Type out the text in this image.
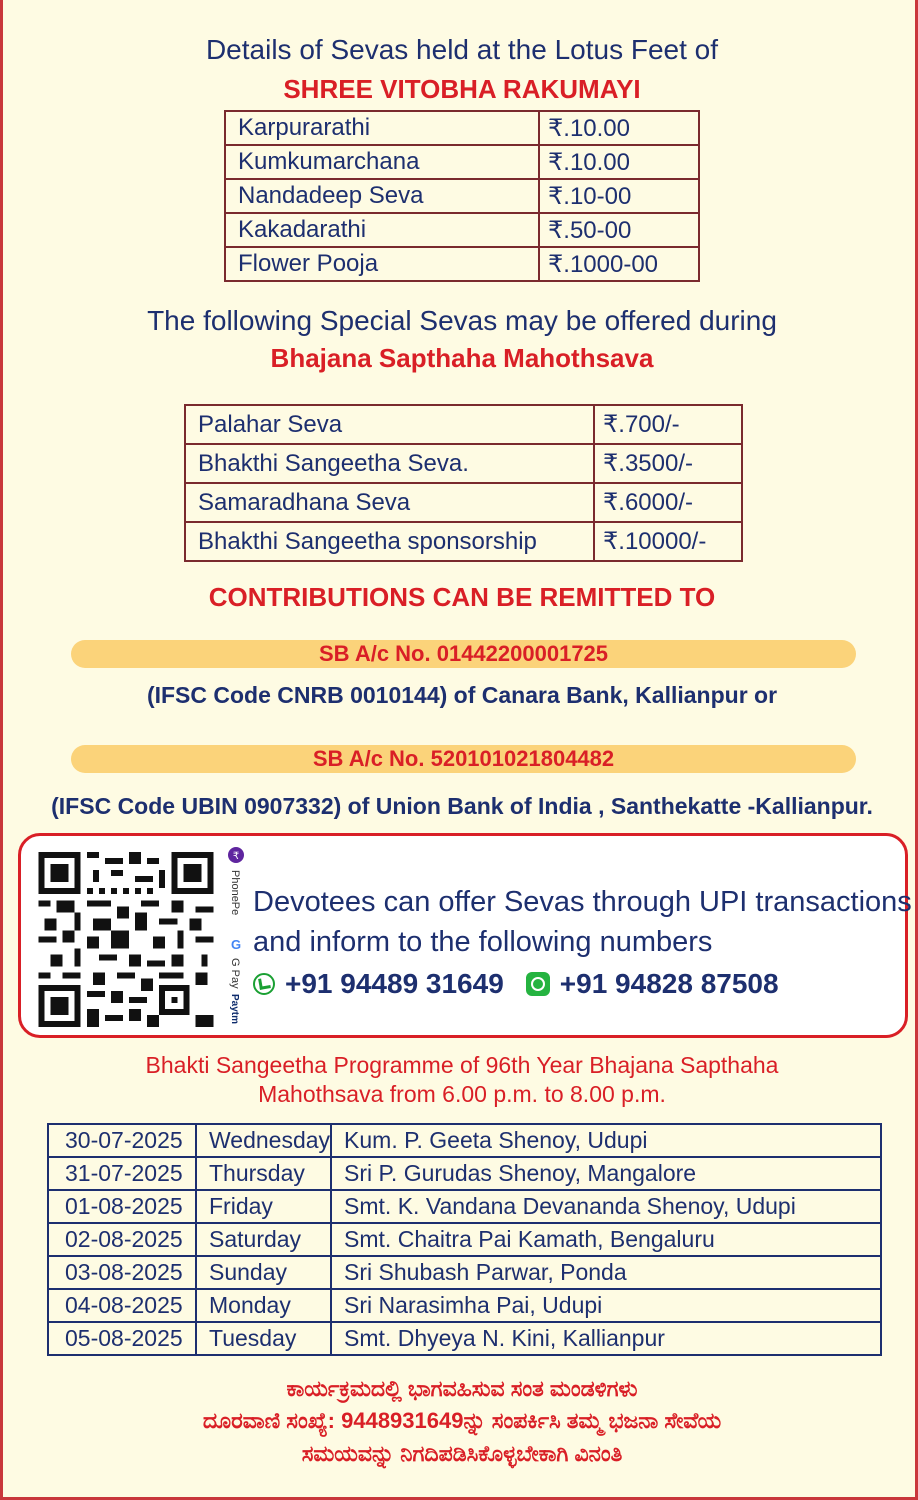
Details of Sevas held at the Lotus Feet of
SHREE VITOBHA RAKUMAYI
Karpurarathi	₹.10.00
Kumkumarchana	₹.10.00
Nandadeep Seva	₹.10-00
Kakadarathi	₹.50-00
Flower Pooja	₹.1000-00
The following Special Sevas may be offered during
Bhajana Sapthaha Mahothsava
Palahar Seva	₹.700/-
Bhakthi Sangeetha Seva.	₹.3500/-
Samaradhana Seva	₹.6000/-
Bhakthi Sangeetha sponsorship	₹.10000/-
CONTRIBUTIONS CAN BE REMITTED TO
SB A/c No. 01442200001725
(IFSC Code CNRB 0010144) of Canara Bank, Kallianpur or
SB A/c No. 520101021804482
(IFSC Code UBIN 0907332) of Union Bank of India , Santhekatte -Kallianpur.
₹
PhonePe
G
G Pay
Paytm
Devotees can offer Sevas through UPI transactions
and inform to the following numbers
+91 94489 31649 +91 94828 87508
Bhakti Sangeetha Programme of 96th Year Bhajana Sapthaha
Mahothsava from 6.00 p.m. to 8.00 p.m.
30-07-2025	Wednesday	Kum. P. Geeta Shenoy, Udupi
31-07-2025	Thursday	Sri P. Gurudas Shenoy, Mangalore
01-08-2025	Friday	Smt. K. Vandana Devananda Shenoy, Udupi
02-08-2025	Saturday	Smt. Chaitra Pai Kamath, Bengaluru
03-08-2025	Sunday	Sri Shubash Parwar, Ponda
04-08-2025	Monday	Sri Narasimha Pai, Udupi
05-08-2025	Tuesday	Smt. Dhyeya N. Kini, Kallianpur
ಕಾರ್ಯಕ್ರಮದಲ್ಲಿ ಭಾಗವಹಿಸುವ ಸಂತ ಮಂಡಳಿಗಳು
ದೂರವಾಣಿ ಸಂಖ್ಯೆ: 9448931649ನ್ನು ಸಂಪರ್ಕಿಸಿ ತಮ್ಮ ಭಜನಾ ಸೇವೆಯ
ಸಮಯವನ್ನು ನಿಗದಿಪಡಿಸಿಕೊಳ್ಳಬೇಕಾಗಿ ವಿನಂತಿ
